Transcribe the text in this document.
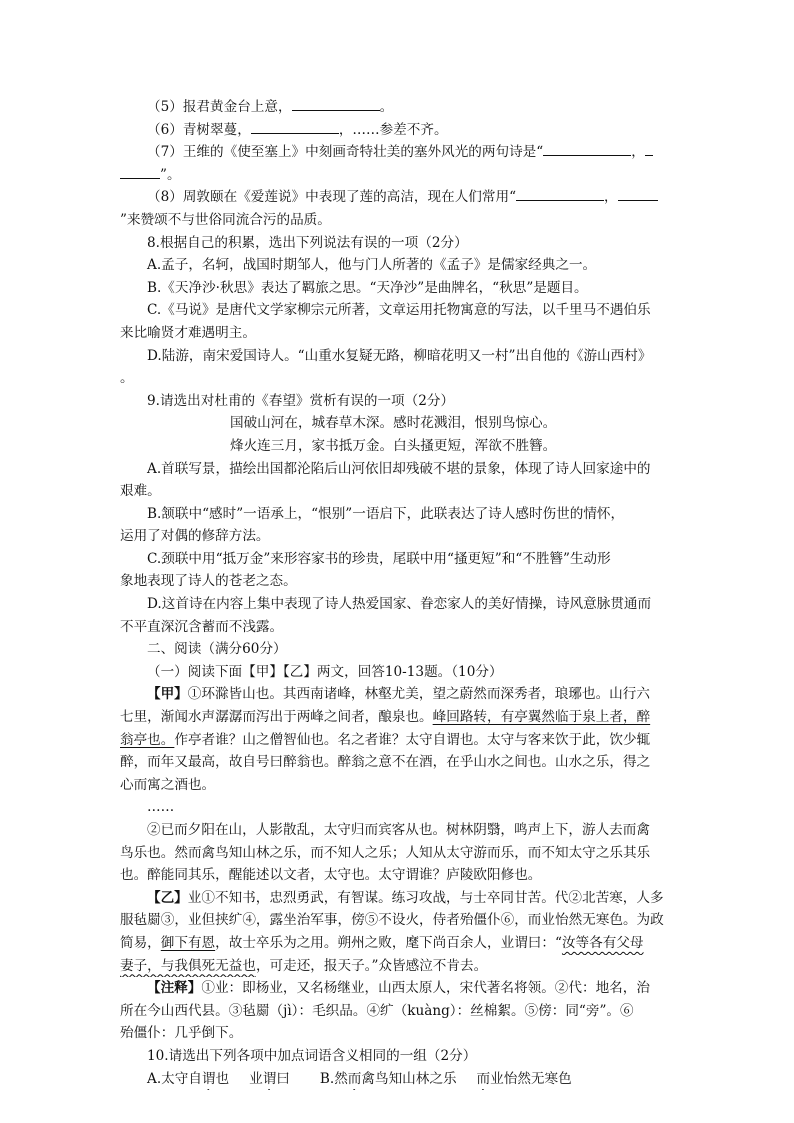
（5）报君黄金台上意，	。
（6）青树翠蔓，	，……参差不齐。
（7）王维的《使至塞上》中刻画奇特壮美的塞外风光的两句诗是“	，
”。
（8）周敦颐在《爱莲说》中表现了莲的高洁，现在人们常用“	，
”来赞颂不与世俗同流合污的品质。
8.根据自己的积累，选出下列说法有误的一项（2分）
A.孟子，名轲，战国时期邹人，他与门人所著的《孟子》是儒家经典之一。
B.《天净沙·秋思》表达了羁旅之思。“天净沙”是曲牌名，“秋思”是题目。
C.《马说》是唐代文学家柳宗元所著，文章运用托物寓意的写法，以千里马不遇伯乐
来比喻贤才难遇明主。
D.陆游，南宋爱国诗人。“山重水复疑无路，柳暗花明又一村”出自他的《游山西村》
。
9.请选出对杜甫的《春望》赏析有误的一项（2分）
国破山河在，城春草木深。感时花溅泪，恨别鸟惊心。
烽火连三月，家书抵万金。白头搔更短，浑欲不胜簪。
A.首联写景，描绘出国都沦陷后山河依旧却残破不堪的景象，体现了诗人回家途中的
艰难。
B.颔联中“感时”一语承上，“恨别”一语启下，此联表达了诗人感时伤世的情怀，
运用了对偶的修辞方法。
C.颈联中用“抵万金”来形容家书的珍贵，尾联中用“搔更短”和“不胜簪”生动形
象地表现了诗人的苍老之态。
D.这首诗在内容上集中表现了诗人热爱国家、眷恋家人的美好情操，诗风意脉贯通而
不平直深沉含蓄而不浅露。
二、阅读（满分60分）
（一）阅读下面【甲】【乙】两文，回答10-13题。（10分）
【甲】①环滁皆山也。其西南诸峰，林壑尤美，望之蔚然而深秀者，琅琊也。山行六
七里，渐闻水声潺潺而泻出于两峰之间者，酿泉也。峰回路转，有亭翼然临于泉上者，醉
翁亭也。作亭者谁？山之僧智仙也。名之者谁？太守自谓也。太守与客来饮于此，饮少辄
醉，而年又最高，故自号曰醉翁也。醉翁之意不在酒，在乎山水之间也。山水之乐，得之
心而寓之酒也。
……
②已而夕阳在山，人影散乱，太守归而宾客从也。树林阴翳，鸣声上下，游人去而禽
鸟乐也。然而禽鸟知山林之乐，而不知人之乐；人知从太守游而乐，而不知太守之乐其乐
也。醉能同其乐，醒能述以文者，太守也。太守谓谁？庐陵欧阳修也。
【乙】业①不知书，忠烈勇武，有智谋。练习攻战，与士卒同甘苦。代②北苦寒，人多
服毡罽③，业但挟纩④，露坐治军事，傍⑤不设火，侍者殆僵仆⑥，而业怡然无寒色。为政
简易，御下有恩，故士卒乐为之用。朔州之败，麾下尚百余人，业谓曰：“汝等各有父母
妻子，与我俱死无益也，可走还，报天子。”众皆感泣不肯去。
【注释】①业：即杨业，又名杨继业，山西太原人，宋代著名将领。②代：地名，治
所在今山西代县。③毡罽（jì）：毛织品。④纩（kuàng）：丝棉絮。⑤傍：同“旁”。⑥
殆僵仆：几乎倒下。
10.请选出下列各项中加点词语含义相同的一组（2分）
A.太守自谓也 业谓曰 B.然而禽鸟知山林之乐 而业怡然无寒色
